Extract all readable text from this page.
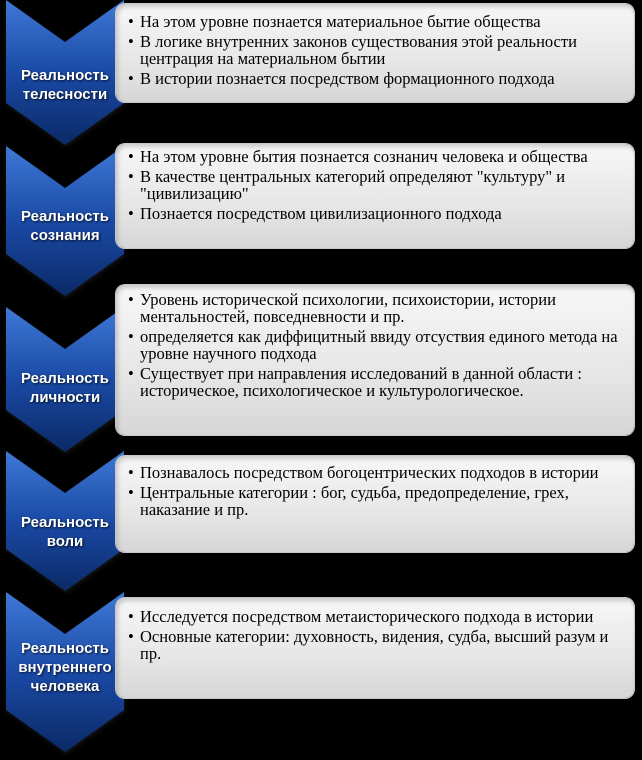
Реальность
телесности
• На этом уровне познается материальное бытие общества
• В логике внутренних законов существования этой реальности центрация на материальном бытии
• В истории познается посредством формационного подхода
Реальность
сознания
• На этом уровне бытия познается сознанич человека и общества
• В качестве центральных категорий определяют "культуру" и "цивилизацию"
• Познается посредством цивилизационного подхода
Реальность
личности
• Уровень исторической психологии, психоистории, истории ментальностей, повседневности и пр.
• определяется как диффицитный ввиду отсуствия единого метода на уровне научного подхода
• Существует при направления исследований в данной области : историческое, психологическое и культурологическое.
Реальность
воли
• Познавалось посредством богоцентрических подходов в истории
• Центральные категории : бог, судьба, предопределение, грех, наказание и пр.
Реальность
внутреннего
человека
• Исследуется посредством метаисторического подхода в истории
• Основные категории: духовность, видения, судба, высший разум и пр.
